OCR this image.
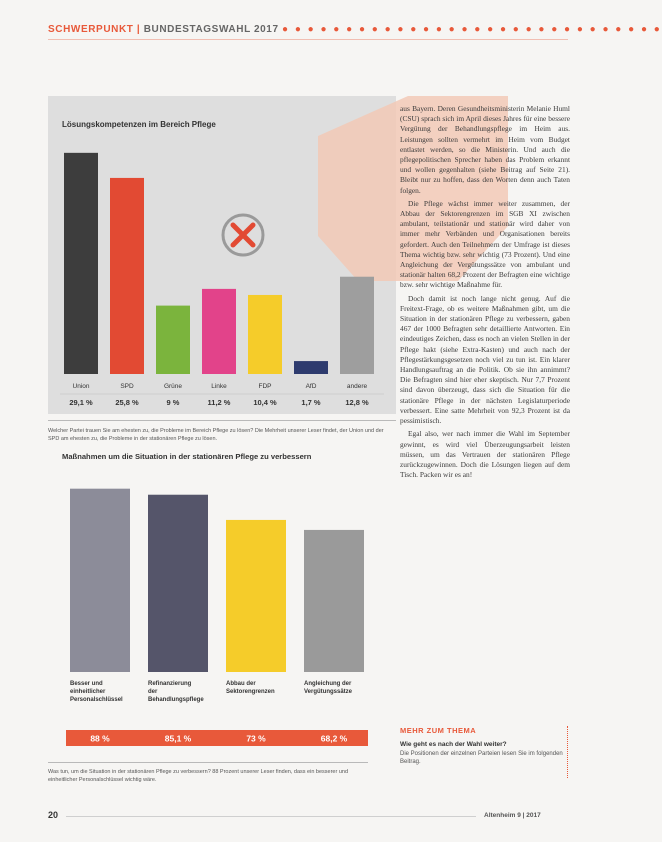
SCHWERPUNKT | BUNDESTAGSWAHL 2017 ● ● ● ● ● ● ● ● ● ● ● ● ● ● ● ● ● ● ● ● ● ● ● ● ● ● ● ● ● ●
Lösungskompetenzen im Bereich Pflege
Union
29,1 %
SPD
25,8 %
Grüne
9 %
Linke
11,2 %
FDP
10,4 %
AfD
1,7 %
andere
12,8 %
Welcher Partei trauen Sie am ehesten zu, die Probleme im Bereich Pflege zu lösen? Die Mehrheit unserer Leser findet, der Union und der SPD am ehesten zu, die Probleme in der stationären Pflege zu lösen.
Maßnahmen um die Situation in der stationären Pflege zu verbessern
Besser und einheitlicher Personalschlüssel
Refinanzierung der Behandlungspflege
Abbau der Sektorengrenzen
Angleichung der Vergütungssätze
88 %	85,1 %	73 %	68,2 %
Was tun, um die Situation in der stationären Pflege zu verbessern? 88 Prozent unserer Leser finden, dass ein besserer und einheitlicher Personalschlüssel wichtig wäre.

aus Bayern. Deren Gesundheitsministerin Melanie Huml (CSU) sprach sich im April dieses Jahres für eine bessere Vergütung der Behandlungspflege im Heim aus. Leistungen sollten vermehrt im Heim vom Budget entlastet werden, so die Ministerin. Und auch die pflegepolitischen Sprecher haben das Problem erkannt und wollen gegenhalten (siehe Beitrag auf Seite 21). Bleibt nur zu hoffen, dass den Worten denn auch Taten folgen.

Die Pflege wächst immer weiter zusammen, der Abbau der Sektorengrenzen im SGB XI zwischen ambulant, teilstationär und stationär wird daher von immer mehr Verbänden und Organisationen bereits gefordert. Auch den Teilnehmern der Umfrage ist dieses Thema wichtig bzw. sehr wichtig (73 Prozent). Und eine Angleichung der Vergütungssätze von ambulant und stationär halten 68,2 Prozent der Befragten eine wichtige bzw. sehr wichtige Maßnahme für.

Doch damit ist noch lange nicht genug. Auf die Freitext-Frage, ob es weitere Maßnahmen gibt, um die Situation in der stationären Pflege zu verbessern, gaben 467 der 1000 Befragten sehr detaillierte Antworten. Ein eindeutiges Zeichen, dass es noch an vielen Stellen in der Pflege hakt (siehe Extra-Kasten) und auch nach der Pflegestärkungsgesetzen noch viel zu tun ist. Ein klarer Handlungsauftrag an die Politik. Ob sie ihn annimmt? Die Befragten sind hier eher skeptisch. Nur 7,7 Prozent sind davon überzeugt, dass sich die Situation für die stationäre Pflege in der nächsten Legislaturperiode verbessert. Eine satte Mehrheit von 92,3 Prozent ist da pessimistisch.

Egal also, wer nach immer die Wahl im September gewinnt, es wird viel Überzeugungsarbeit leisten müssen, um das Vertrauen der stationären Pflege zurückzugewinnen. Doch die Lösungen liegen auf dem Tisch. Packen wir es an!

MEHR ZUM THEMA
Wie geht es nach der Wahl weiter?
Die Positionen der einzelnen Parteien lesen Sie im folgenden Beitrag.
20	Altenheim 9 | 2017
